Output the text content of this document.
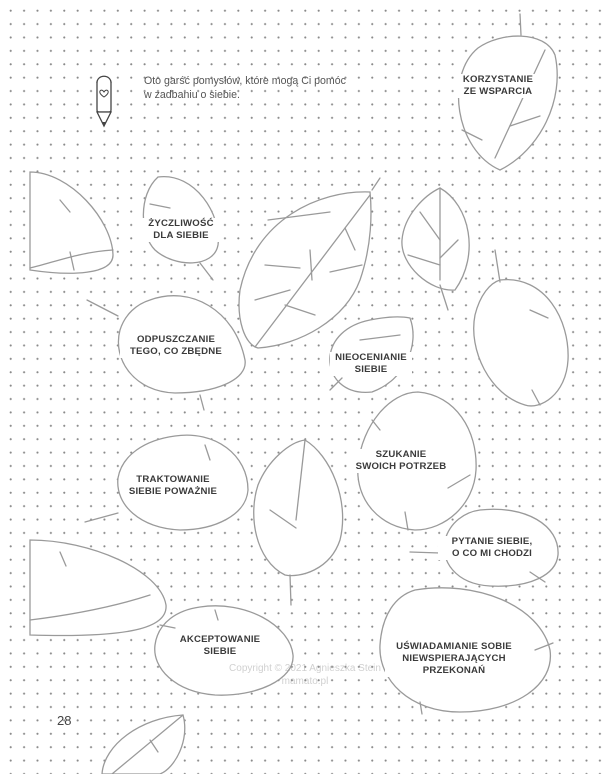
Oto garść pomysłów, które mogą Ci pomóc
w zadbaniu o siebie.
KORZYSTANIE
ZE WSPARCIA
ŻYCZLIWOŚĆ
DLA SIEBIE
ODPUSZCZANIE
TEGO, CO ZBĘDNE
NIEOCENIANIE
SIEBIE
SZUKANIE
SWOICH POTRZEB
TRAKTOWANIE
SIEBIE POWAŻNIE
PYTANIE SIEBIE,
O CO MI CHODZI
AKCEPTOWANIE
SIEBIE	UŚWIADAMIANIE SOBIE
NIEWSPIERAJĄCYCH
PRZEKONAŃ
Copyright © 2021 Agnieszka Stein
mamato.pl
28
